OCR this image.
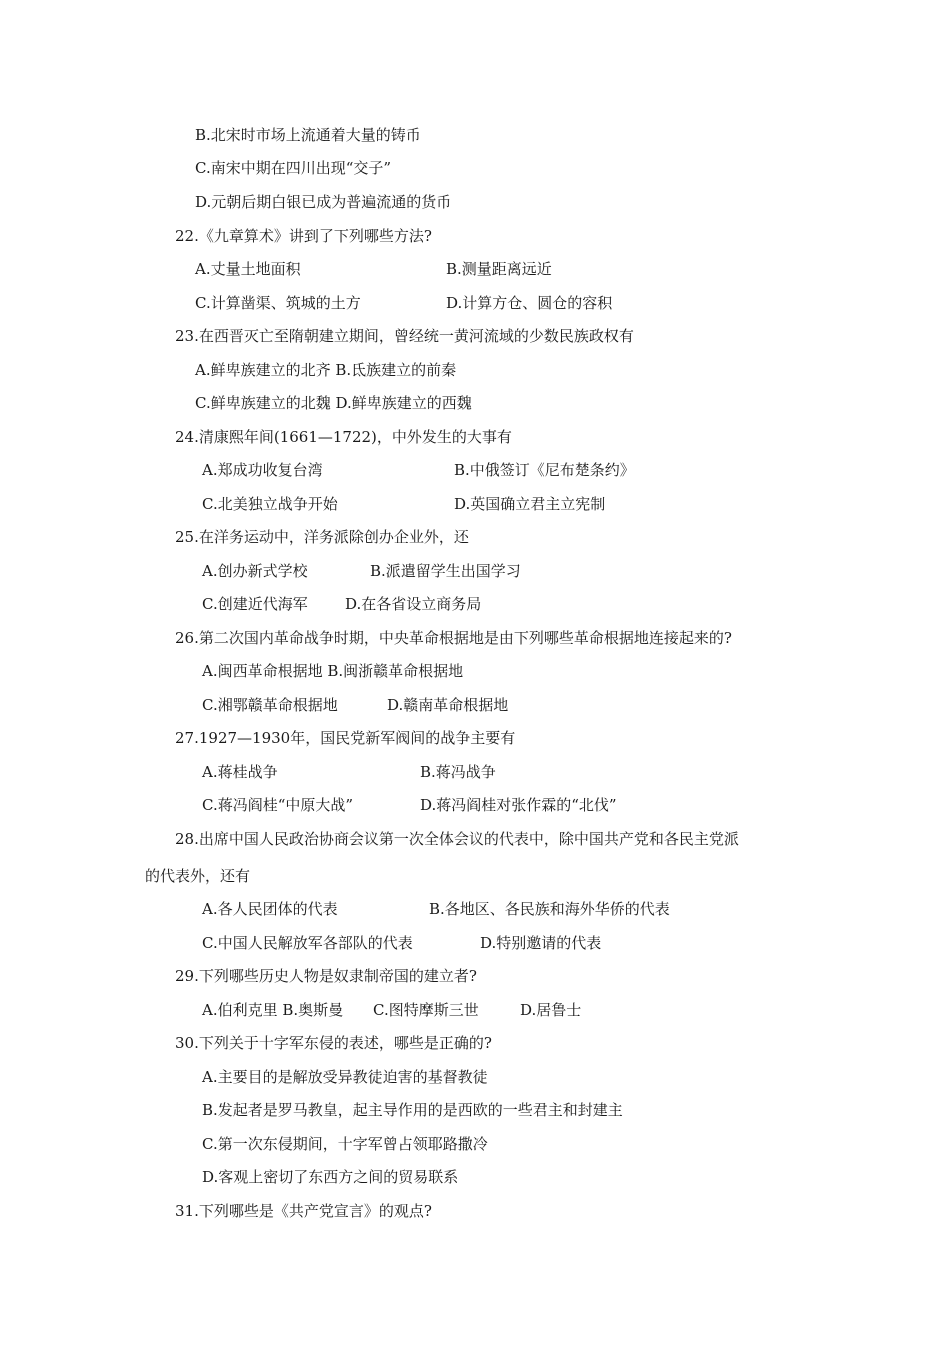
B.北宋时市场上流通着大量的铸币
C.南宋中期在四川出现“交子”
D.元朝后期白银已成为普遍流通的货币
22.《九章算术》讲到了下列哪些方法?
A.丈量土地面积	B.测量距离远近
C.计算凿渠、筑城的土方	D.计算方仓、圆仓的容积
23.在西晋灭亡至隋朝建立期间，曾经统一黄河流域的少数民族政权有
A.鲜卑族建立的北齐 B.氐族建立的前秦
C.鲜卑族建立的北魏 D.鲜卑族建立的西魏
24.清康熙年间(1661—1722)，中外发生的大事有
A.郑成功收复台湾	B.中俄签订《尼布楚条约》
C.北美独立战争开始	D.英国确立君主立宪制
25.在洋务运动中，洋务派除创办企业外，还
A.创办新式学校	B.派遣留学生出国学习
C.创建近代海军 D.在各省设立商务局
26.第二次国内革命战争时期，中央革命根据地是由下列哪些革命根据地连接起来的?
A.闽西革命根据地 B.闽浙赣革命根据地
C.湘鄂赣革命根据地	D.赣南革命根据地
27.1927—1930年，国民党新军阀间的战争主要有
A.蒋桂战争	B.蒋冯战争
C.蒋冯阎桂“中原大战”	D.蒋冯阎桂对张作霖的“北伐”
28.出席中国人民政治协商会议第一次全体会议的代表中，除中国共产党和各民主党派
的代表外，还有
A.各人民团体的代表	B.各地区、各民族和海外华侨的代表
C.中国人民解放军各部队的代表	D.特别邀请的代表
29.下列哪些历史人物是奴隶制帝国的建立者?
A.伯利克里 B.奥斯曼 C.图特摩斯三世	D.居鲁士
30.下列关于十字军东侵的表述，哪些是正确的?
A.主要目的是解放受异教徒迫害的基督教徒
B.发起者是罗马教皇，起主导作用的是西欧的一些君主和封建主
C.第一次东侵期间，十字军曾占领耶路撒冷
D.客观上密切了东西方之间的贸易联系
31.下列哪些是《共产党宣言》的观点?
